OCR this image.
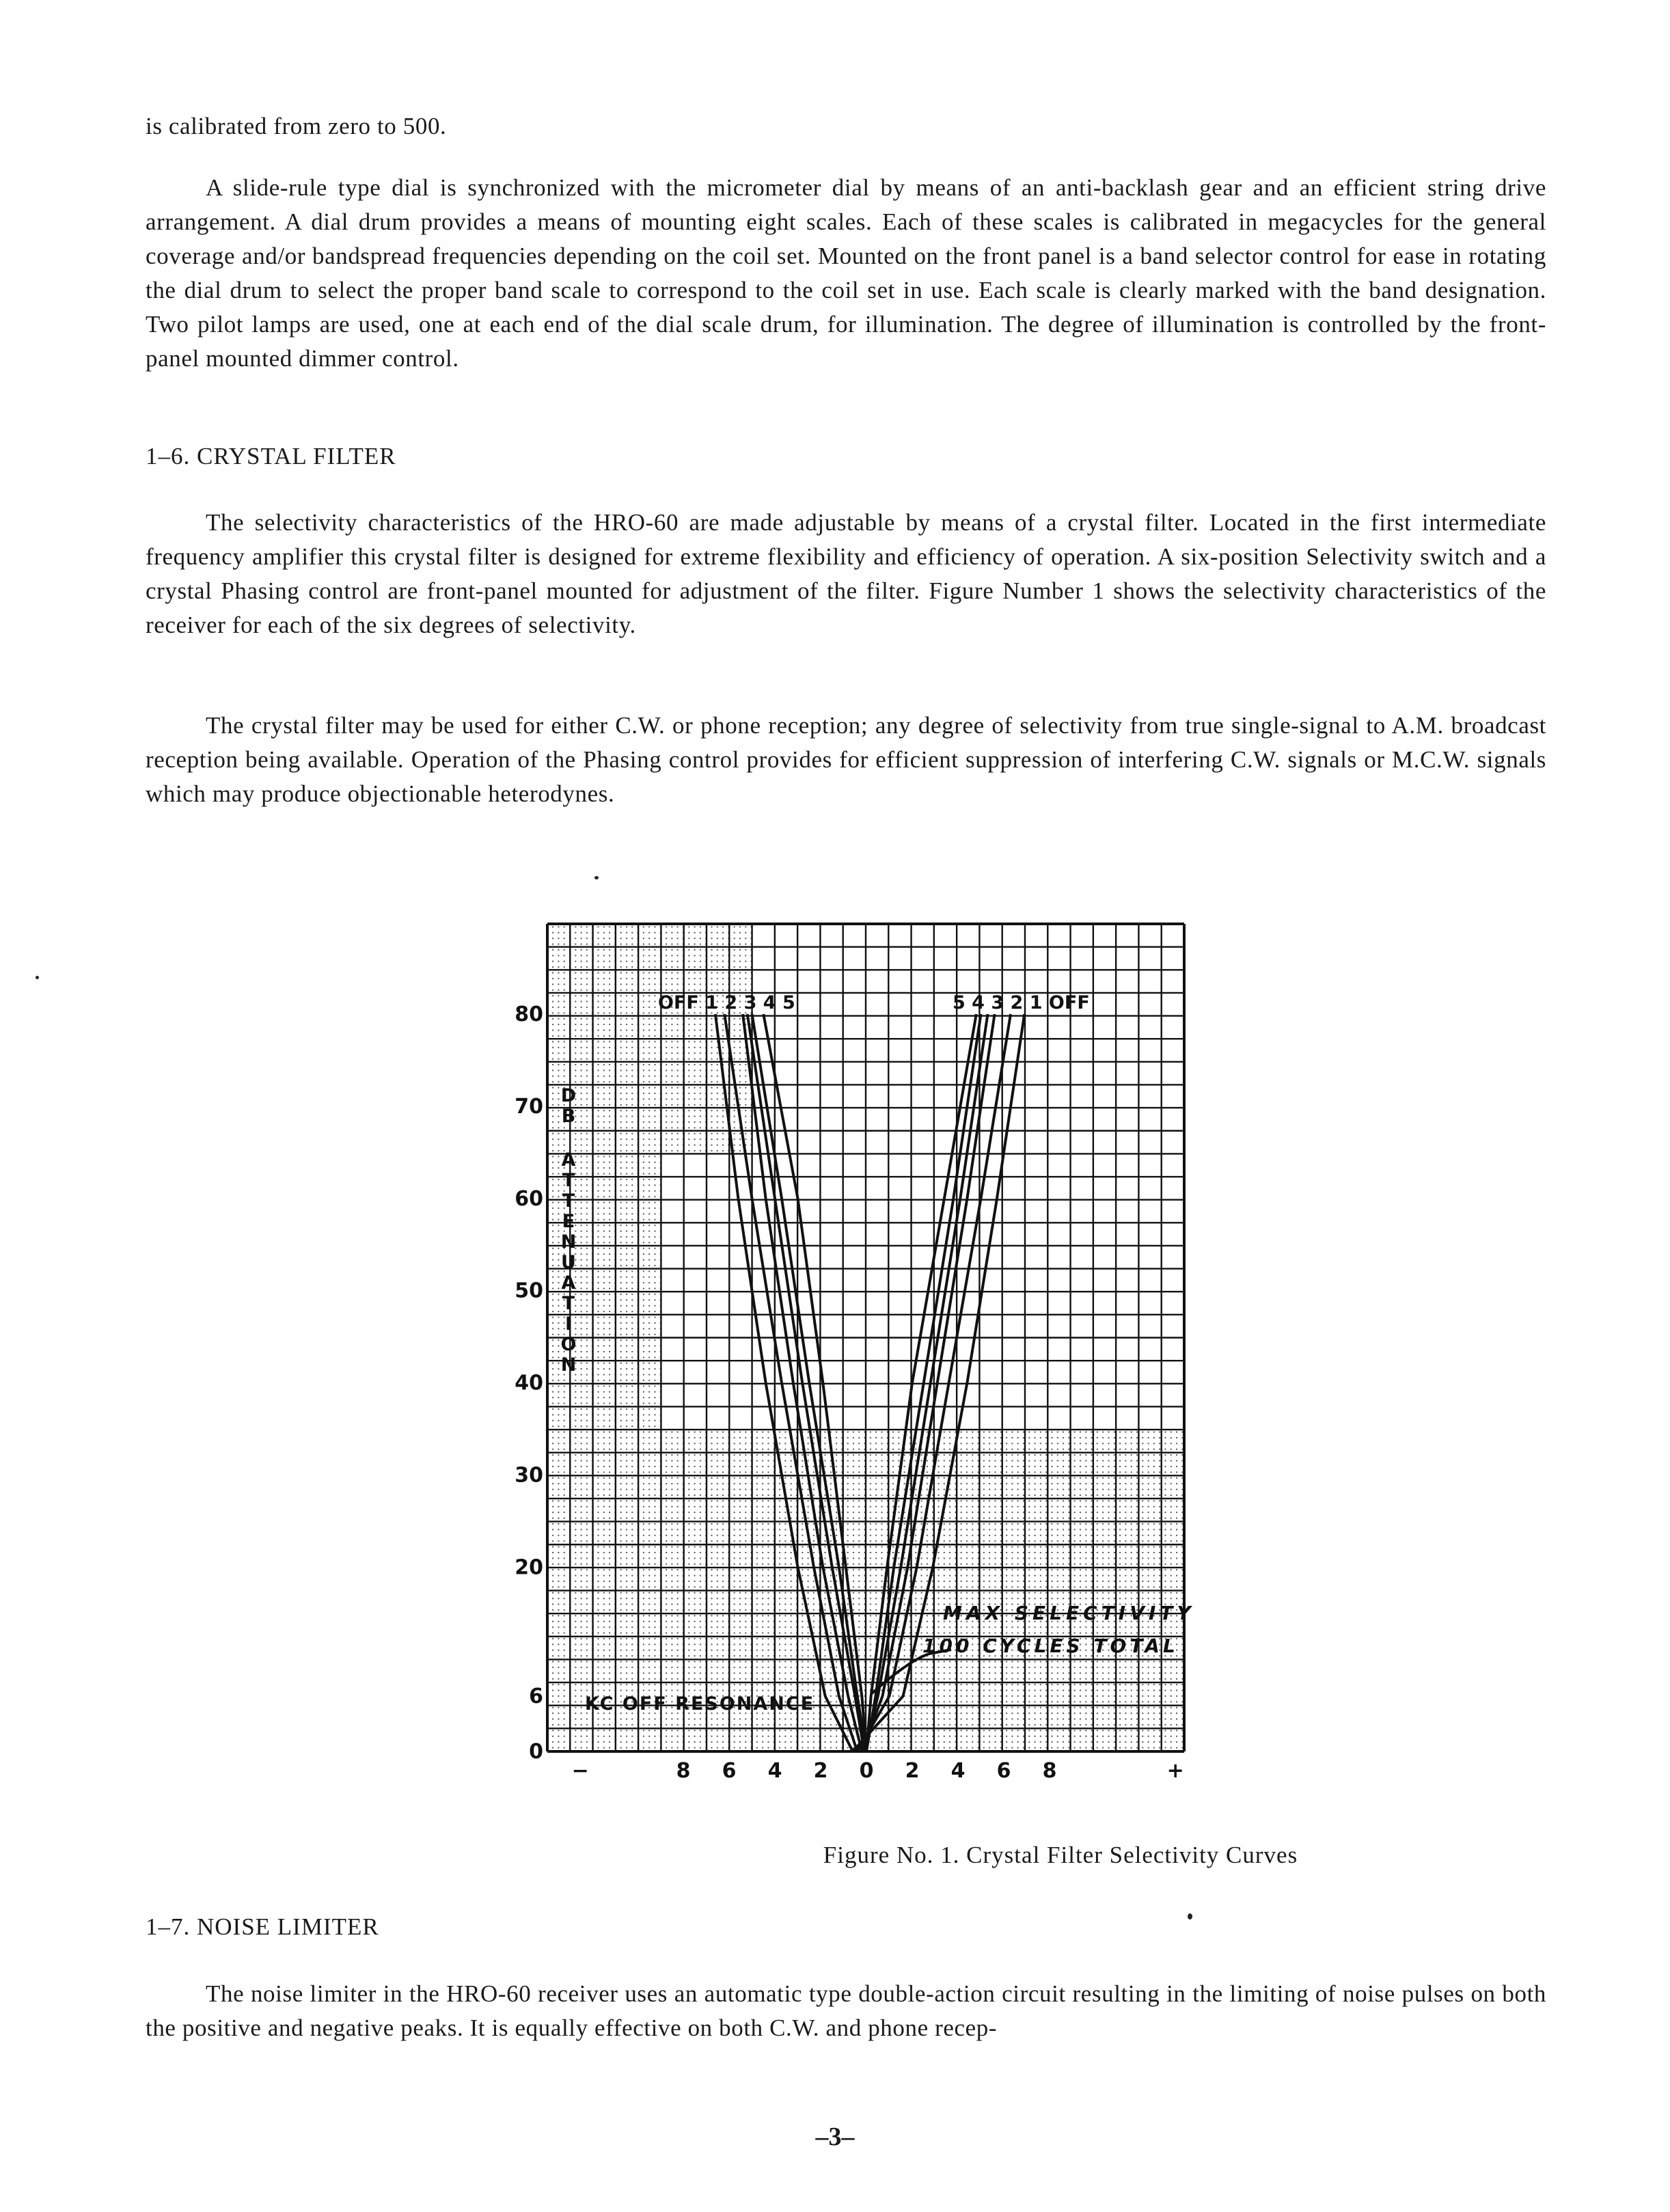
is calibrated from zero to 500.

A slide-rule type dial is synchronized with the micrometer dial by means of an anti-backlash gear and an efficient string drive arrangement. A dial drum provides a means of mounting eight scales. Each of these scales is calibrated in megacycles for the general coverage and/or bandspread frequencies depending on the coil set. Mounted on the front panel is a band selector control for ease in rotating the dial drum to select the proper band scale to correspond to the coil set in use. Each scale is clearly marked with the band designation. Two pilot lamps are used, one at each end of the dial scale drum, for illumination. The degree of illumination is controlled by the front-panel mounted dimmer control.

1–6. CRYSTAL FILTER

The selectivity characteristics of the HRO-60 are made adjustable by means of a crystal filter. Located in the first intermediate frequency amplifier this crystal filter is designed for extreme flexibility and efficiency of operation. A six-position Selectivity switch and a crystal Phasing control are front-panel mounted for adjustment of the filter. Figure Number 1 shows the selectivity characteristics of the receiver for each of the six degrees of selectivity.

The crystal filter may be used for either C.W. or phone reception; any degree of selectivity from true single-signal to A.M. broadcast reception being available. Operation of the Phasing control provides for efficient suppression of interfering C.W. signals or M.C.W. signals which may produce objectionable heterodynes.

0
6
20
30
40
50
60
70
80
−	8 6 4 2 0 2 4 6 8	+
D
B
A
T
T
E
N
U
A
T
I
O
N
OFF 1 2 3 4 5	5 4 3 2 1 OFF
MAX SELECTIVITY
100 CYCLES TOTAL
KC OFF RESONANCE

Figure No. 1. Crystal Filter Selectivity Curves

1–7. NOISE LIMITER

The noise limiter in the HRO-60 receiver uses an automatic type double-action circuit resulting in the limiting of noise pulses on both the positive and negative peaks. It is equally effective on both C.W. and phone recep-

–3–
